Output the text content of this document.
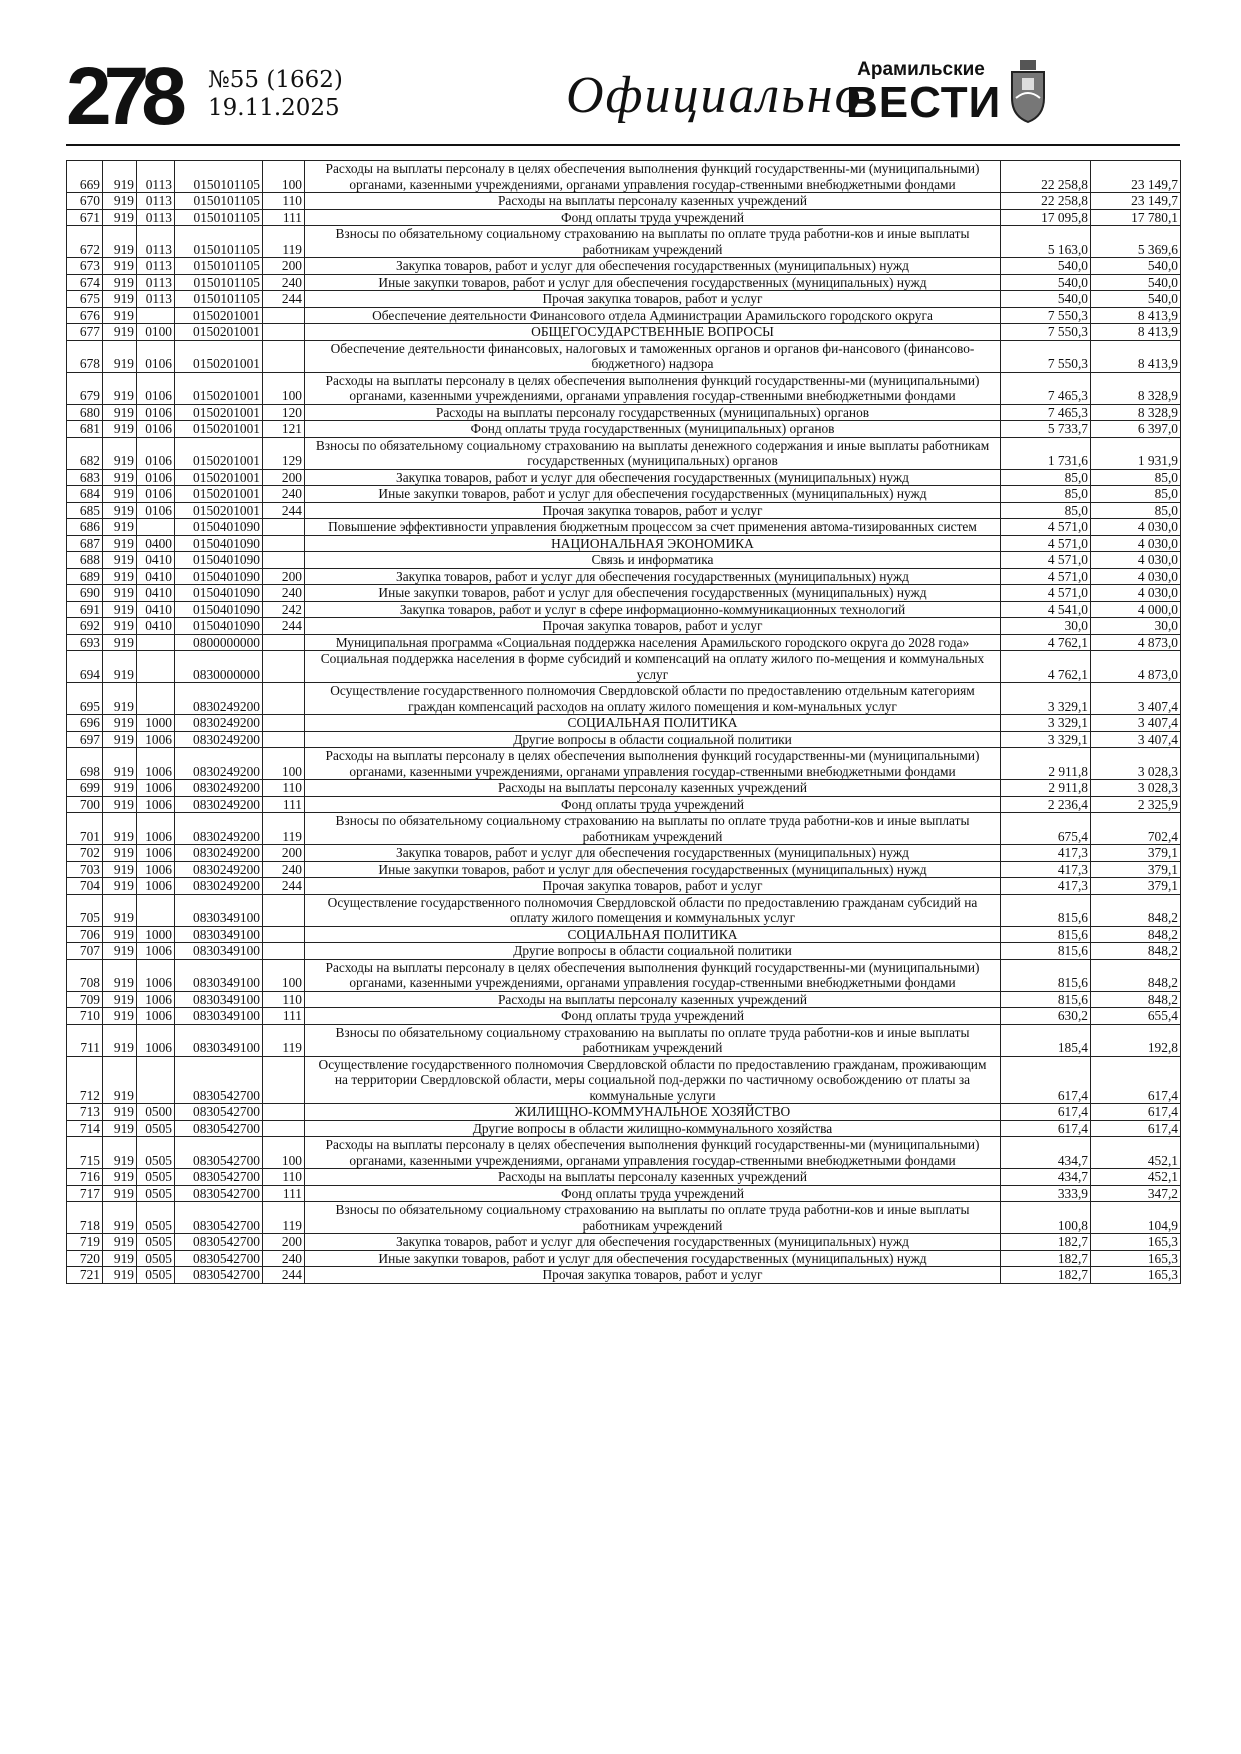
278 №55 (1662)
19.11.2025	Официально
Арамильские
ВЕСТИ
669	919	0113	0150101105	100	Расходы на выплаты персоналу в целях обеспечения выполнения функций государственны-ми (муниципальными) органами, казенными учреждениями, органами управления государ-ственными внебюджетными фондами	22 258,8	23 149,7
670	919	0113	0150101105	110	Расходы на выплаты персоналу казенных учреждений	22 258,8	23 149,7
671	919	0113	0150101105	111	Фонд оплаты труда учреждений	17 095,8	17 780,1
672	919	0113	0150101105	119	Взносы по обязательному социальному страхованию на выплаты по оплате труда работни-ков и иные выплаты работникам учреждений	5 163,0	5 369,6
673	919	0113	0150101105	200	Закупка товаров, работ и услуг для обеспечения государственных (муниципальных) нужд	540,0	540,0
674	919	0113	0150101105	240	Иные закупки товаров, работ и услуг для обеспечения государственных (муниципальных) нужд	540,0	540,0
675	919	0113	0150101105	244	Прочая закупка товаров, работ и услуг	540,0	540,0
676	919		0150201001		Обеспечение деятельности Финансового отдела Администрации Арамильского городского округа	7 550,3	8 413,9
677	919	0100	0150201001		ОБЩЕГОСУДАРСТВЕННЫЕ ВОПРОСЫ	7 550,3	8 413,9
678	919	0106	0150201001		Обеспечение деятельности финансовых, налоговых и таможенных органов и органов фи-нансового (финансово-бюджетного) надзора	7 550,3	8 413,9
679	919	0106	0150201001	100	Расходы на выплаты персоналу в целях обеспечения выполнения функций государственны-ми (муниципальными) органами, казенными учреждениями, органами управления государ-ственными внебюджетными фондами	7 465,3	8 328,9
680	919	0106	0150201001	120	Расходы на выплаты персоналу государственных (муниципальных) органов	7 465,3	8 328,9
681	919	0106	0150201001	121	Фонд оплаты труда государственных (муниципальных) органов	5 733,7	6 397,0
682	919	0106	0150201001	129	Взносы по обязательному социальному страхованию на выплаты денежного содержания и иные выплаты работникам государственных (муниципальных) органов	1 731,6	1 931,9
683	919	0106	0150201001	200	Закупка товаров, работ и услуг для обеспечения государственных (муниципальных) нужд	85,0	85,0
684	919	0106	0150201001	240	Иные закупки товаров, работ и услуг для обеспечения государственных (муниципальных) нужд	85,0	85,0
685	919	0106	0150201001	244	Прочая закупка товаров, работ и услуг	85,0	85,0
686	919		0150401090		Повышение эффективности управления бюджетным процессом за счет применения автома-тизированных систем	4 571,0	4 030,0
687	919	0400	0150401090		НАЦИОНАЛЬНАЯ ЭКОНОМИКА	4 571,0	4 030,0
688	919	0410	0150401090		Связь и информатика	4 571,0	4 030,0
689	919	0410	0150401090	200	Закупка товаров, работ и услуг для обеспечения государственных (муниципальных) нужд	4 571,0	4 030,0
690	919	0410	0150401090	240	Иные закупки товаров, работ и услуг для обеспечения государственных (муниципальных) нужд	4 571,0	4 030,0
691	919	0410	0150401090	242	Закупка товаров, работ и услуг в сфере информационно-коммуникационных технологий	4 541,0	4 000,0
692	919	0410	0150401090	244	Прочая закупка товаров, работ и услуг	30,0	30,0
693	919		0800000000		Муниципальная программа «Социальная поддержка населения Арамильского городского округа до 2028 года»	4 762,1	4 873,0
694	919		0830000000		Социальная поддержка населения в форме субсидий и компенсаций на оплату жилого по-мещения и коммунальных услуг	4 762,1	4 873,0
695	919		0830249200		Осуществление государственного полномочия Свердловской области по предоставлению отдельным категориям граждан компенсаций расходов на оплату жилого помещения и ком-мунальных услуг	3 329,1	3 407,4
696	919	1000	0830249200		СОЦИАЛЬНАЯ ПОЛИТИКА	3 329,1	3 407,4
697	919	1006	0830249200		Другие вопросы в области социальной политики	3 329,1	3 407,4
698	919	1006	0830249200	100	Расходы на выплаты персоналу в целях обеспечения выполнения функций государственны-ми (муниципальными) органами, казенными учреждениями, органами управления государ-ственными внебюджетными фондами	2 911,8	3 028,3
699	919	1006	0830249200	110	Расходы на выплаты персоналу казенных учреждений	2 911,8	3 028,3
700	919	1006	0830249200	111	Фонд оплаты труда учреждений	2 236,4	2 325,9
701	919	1006	0830249200	119	Взносы по обязательному социальному страхованию на выплаты по оплате труда работни-ков и иные выплаты работникам учреждений	675,4	702,4
702	919	1006	0830249200	200	Закупка товаров, работ и услуг для обеспечения государственных (муниципальных) нужд	417,3	379,1
703	919	1006	0830249200	240	Иные закупки товаров, работ и услуг для обеспечения государственных (муниципальных) нужд	417,3	379,1
704	919	1006	0830249200	244	Прочая закупка товаров, работ и услуг	417,3	379,1
705	919		0830349100		Осуществление государственного полномочия Свердловской области по предоставлению гражданам субсидий на оплату жилого помещения и коммунальных услуг	815,6	848,2
706	919	1000	0830349100		СОЦИАЛЬНАЯ ПОЛИТИКА	815,6	848,2
707	919	1006	0830349100		Другие вопросы в области социальной политики	815,6	848,2
708	919	1006	0830349100	100	Расходы на выплаты персоналу в целях обеспечения выполнения функций государственны-ми (муниципальными) органами, казенными учреждениями, органами управления государ-ственными внебюджетными фондами	815,6	848,2
709	919	1006	0830349100	110	Расходы на выплаты персоналу казенных учреждений	815,6	848,2
710	919	1006	0830349100	111	Фонд оплаты труда учреждений	630,2	655,4
711	919	1006	0830349100	119	Взносы по обязательному социальному страхованию на выплаты по оплате труда работни-ков и иные выплаты работникам учреждений	185,4	192,8
712	919		0830542700		Осуществление государственного полномочия Свердловской области по предоставлению гражданам, проживающим на территории Свердловской области, меры социальной под-держки по частичному освобождению от платы за коммунальные услуги	617,4	617,4
713	919	0500	0830542700		ЖИЛИЩНО-КОММУНАЛЬНОЕ ХОЗЯЙСТВО	617,4	617,4
714	919	0505	0830542700		Другие вопросы в области жилищно-коммунального хозяйства	617,4	617,4
715	919	0505	0830542700	100	Расходы на выплаты персоналу в целях обеспечения выполнения функций государственны-ми (муниципальными) органами, казенными учреждениями, органами управления государ-ственными внебюджетными фондами	434,7	452,1
716	919	0505	0830542700	110	Расходы на выплаты персоналу казенных учреждений	434,7	452,1
717	919	0505	0830542700	111	Фонд оплаты труда учреждений	333,9	347,2
718	919	0505	0830542700	119	Взносы по обязательному социальному страхованию на выплаты по оплате труда работни-ков и иные выплаты работникам учреждений	100,8	104,9
719	919	0505	0830542700	200	Закупка товаров, работ и услуг для обеспечения государственных (муниципальных) нужд	182,7	165,3
720	919	0505	0830542700	240	Иные закупки товаров, работ и услуг для обеспечения государственных (муниципальных) нужд	182,7	165,3
721	919	0505	0830542700	244	Прочая закупка товаров, работ и услуг	182,7	165,3
